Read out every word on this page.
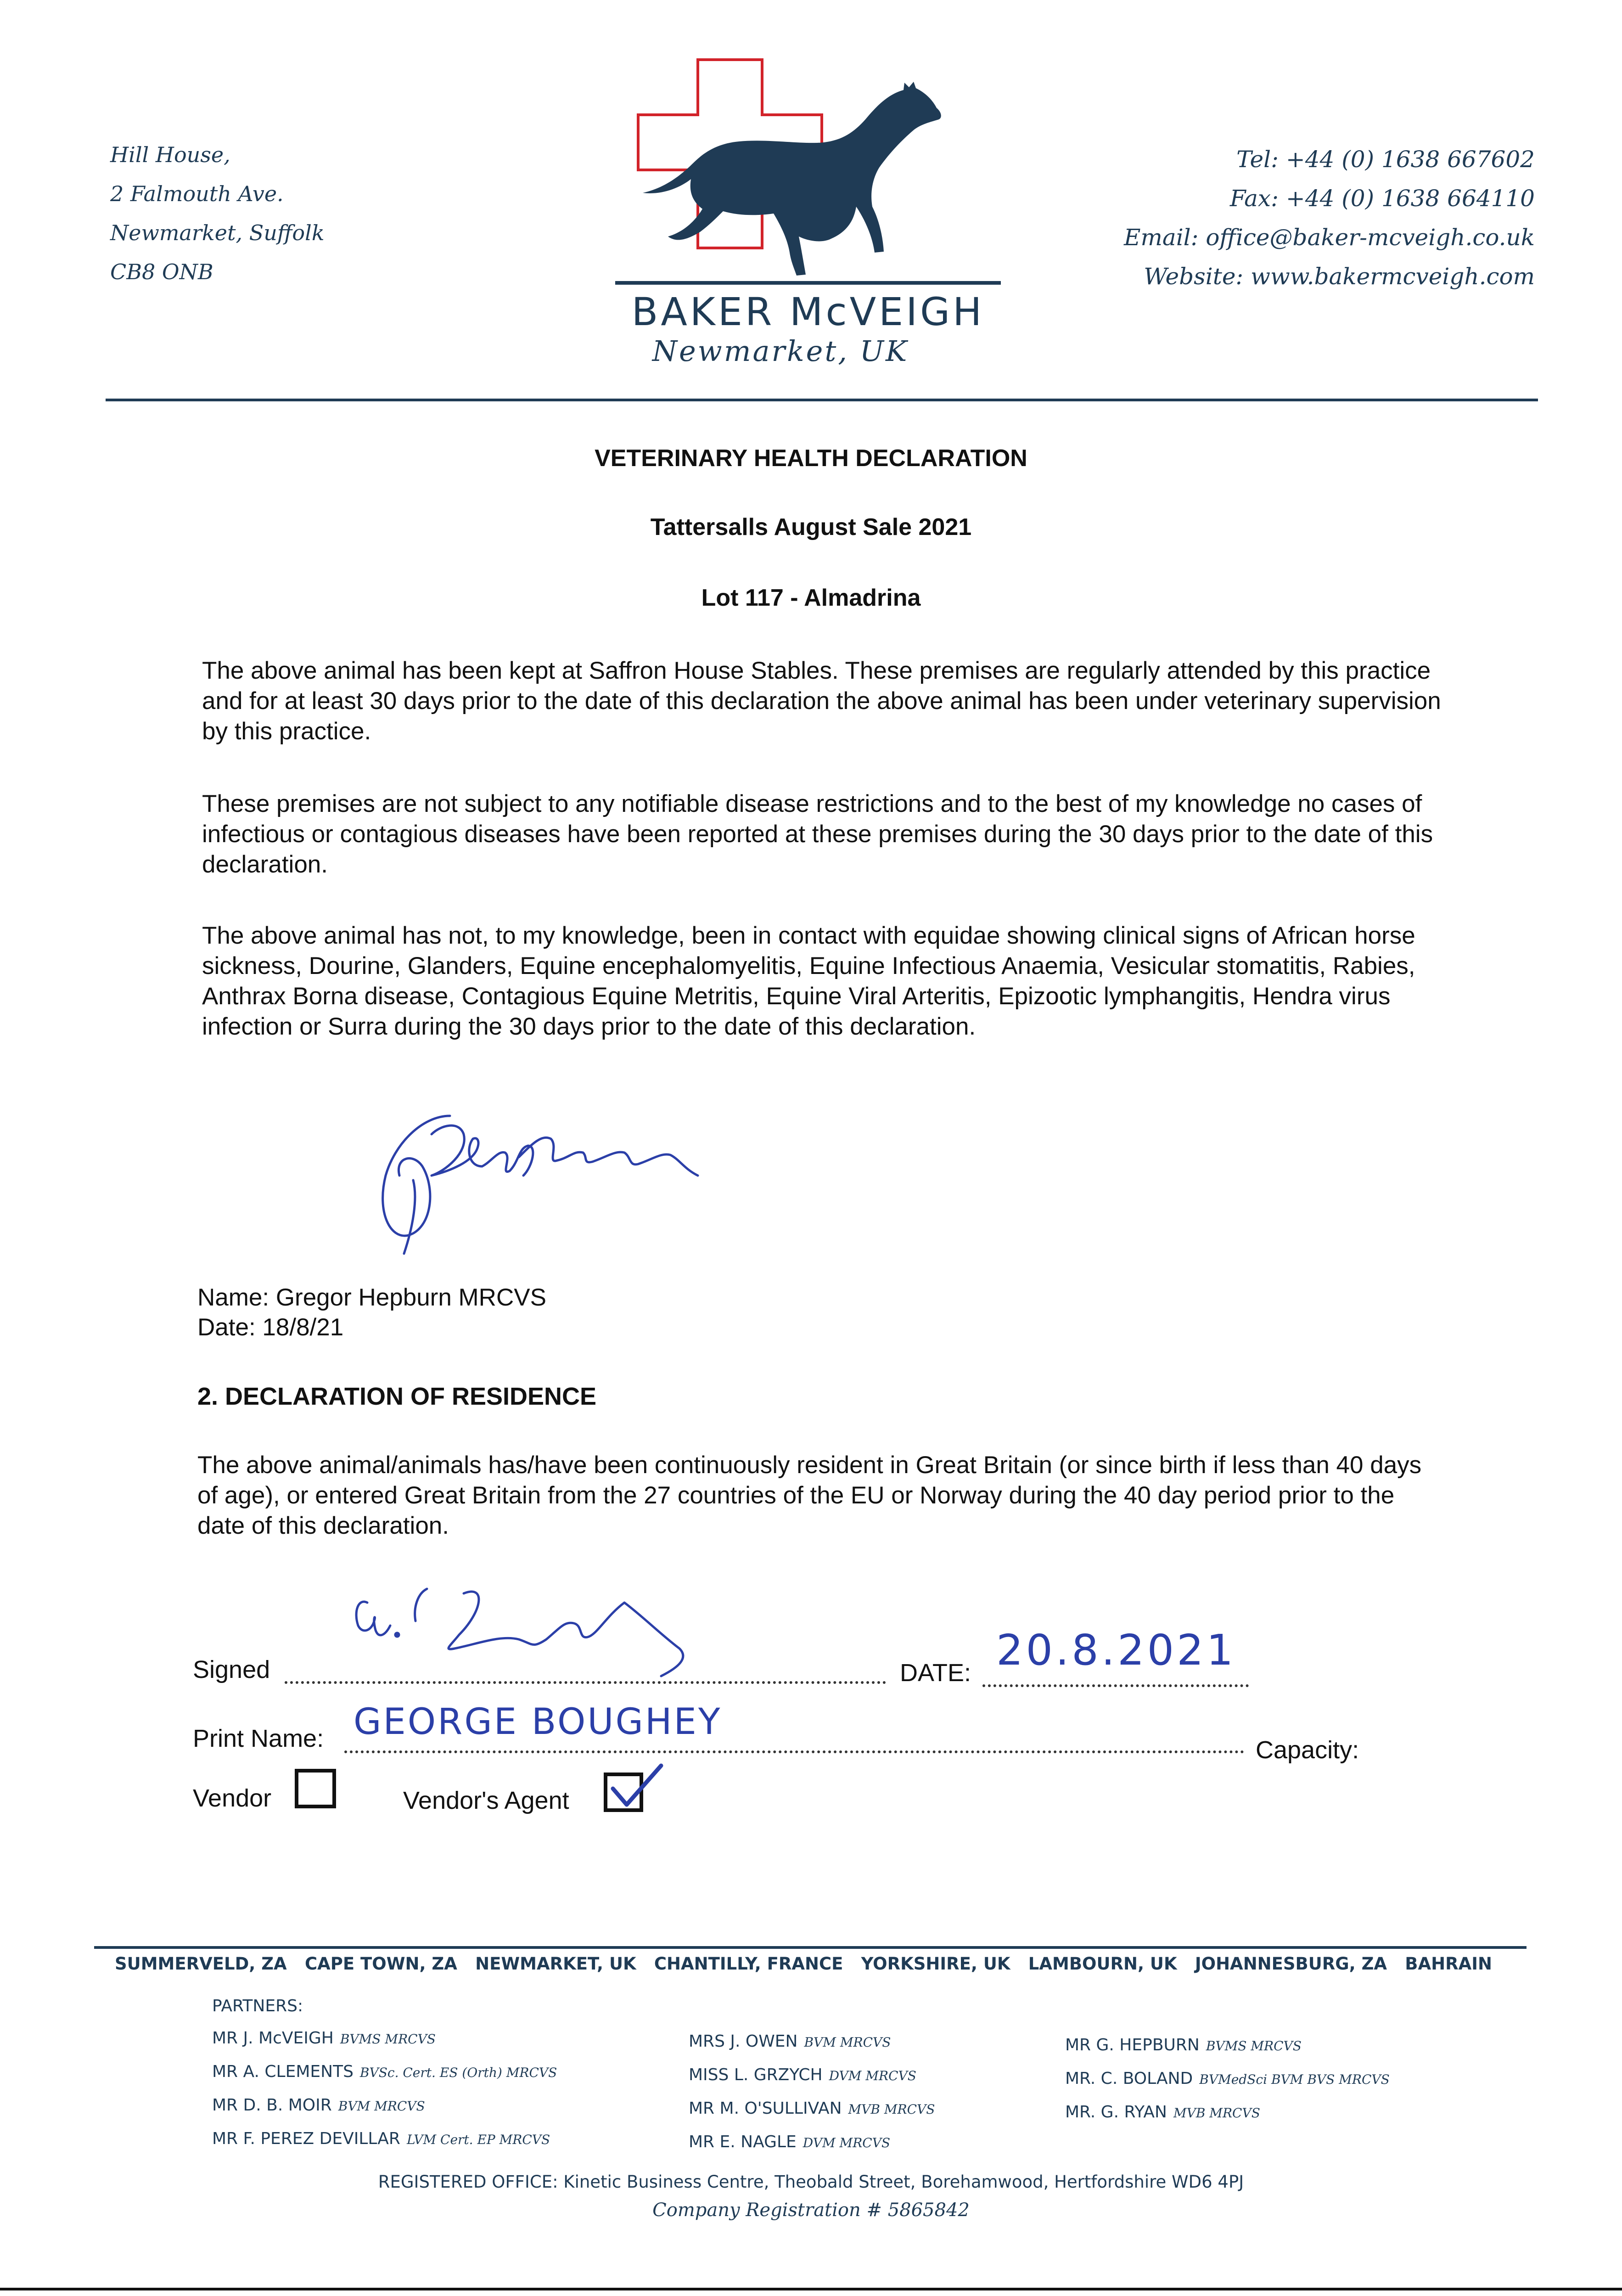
Hill House,
2 Falmouth Ave.
Newmarket, Suffolk
CB8 ONB
BAKER McVEIGH
Newmarket, UK
Tel: +44 (0) 1638 667602
Fax: +44 (0) 1638 664110
Email: office@baker-mcveigh.co.uk
Website: www.bakermcveigh.com
VETERINARY HEALTH DECLARATION
Tattersalls August Sale 2021
Lot 117 - Almadrina
The above animal has been kept at Saffron House Stables. These premises are regularly attended by this practice and for at least 30 days prior to the date of this declaration the above animal has been under veterinary supervision by this practice.
These premises are not subject to any notifiable disease restrictions and to the best of my knowledge no cases of infectious or contagious diseases have been reported at these premises during the 30 days prior to the date of this declaration.
The above animal has not, to my knowledge, been in contact with equidae showing clinical signs of African horse sickness, Dourine, Glanders, Equine encephalomyelitis, Equine Infectious Anaemia, Vesicular stomatitis, Rabies, Anthrax Borna disease, Contagious Equine Metritis, Equine Viral Arteritis, Epizootic lymphangitis, Hendra virus infection or Surra during the 30 days prior to the date of this declaration.
Name: Gregor Hepburn MRCVS
Date: 18/8/21
2. DECLARATION OF RESIDENCE
The above animal/animals has/have been continuously resident in Great Britain (or since birth if less than 40 days of age), or entered Great Britain from the 27 countries of the EU or Norway during the 40 day period prior to the date of this declaration.
Signed	DATE: 20.8.2021
Print Name: GEORGE BOUGHEY
Capacity:
Vendor	Vendor's Agent
SUMMERVELD, ZA CAPE TOWN, ZA NEWMARKET, UK CHANTILLY, FRANCE YORKSHIRE, UK LAMBOURN, UK JOHANNESBURG, ZA BAHRAIN
PARTNERS:
MR J. McVEIGH BVMS MRCVS
MR A. CLEMENTS BVSc. Cert. ES (Orth) MRCVS
MR D. B. MOIR BVM MRCVS
MR F. PEREZ DEVILLAR LVM Cert. EP MRCVS
MRS J. OWEN BVM MRCVS
MISS L. GRZYCH DVM MRCVS
MR M. O'SULLIVAN MVB MRCVS
MR E. NAGLE DVM MRCVS
MR G. HEPBURN BVMS MRCVS
MR. C. BOLAND BVMedSci BVM BVS MRCVS
MR. G. RYAN MVB MRCVS
REGISTERED OFFICE: Kinetic Business Centre, Theobald Street, Borehamwood, Hertfordshire WD6 4PJ
Company Registration # 5865842
